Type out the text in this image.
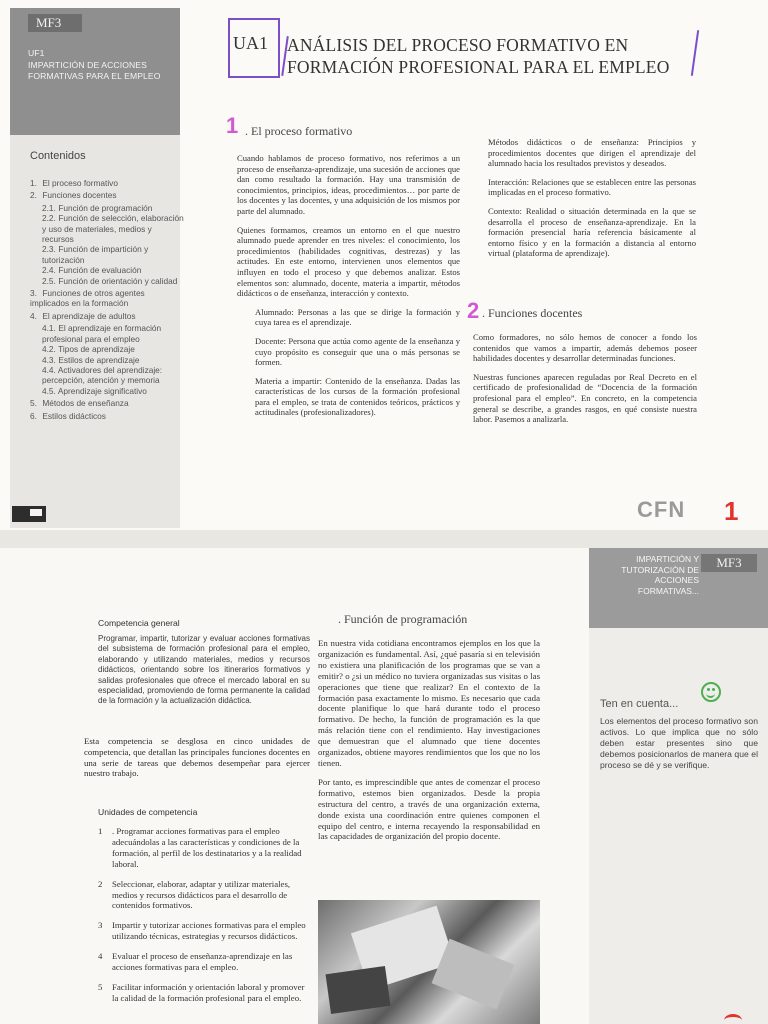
MF3
UF1
IMPARTICIÓN DE ACCIONES
FORMATIVAS PARA EL EMPLEO
Contenidos
1. El proceso formativo
2. Funciones docentes
2.1. Función de programación
2.2. Función de selección, elaboración y uso de materiales, medios y recursos
2.3. Función de impartición y tutorización
2.4. Función de evaluación
2.5. Función de orientación y calidad
3. Funciones de otros agentes implicados en la formación
4. El aprendizaje de adultos
4.1. El aprendizaje en formación profesional para el empleo
4.2. Tipos de aprendizaje
4.3. Estilos de aprendizaje
4.4. Activadores del aprendizaje: percepción, atención y memoria
4.5. Aprendizaje significativo
5. Métodos de enseñanza
6. Estilos didácticos
UA1 ANÁLISIS DEL PROCESO FORMATIVO EN
FORMACIÓN PROFESIONAL PARA EL EMPLEO
1 . El proceso formativo

Cuando hablamos de proceso formativo, nos referimos a un proceso de enseñanza-aprendizaje, una sucesión de acciones que dan como resultado la formación. Hay una transmisión de conocimientos, principios, ideas, procedimientos… por parte de los docentes y las docentes, y una adquisición de los mismos por parte del alumnado.

Quienes formamos, creamos un entorno en el que nuestro alumnado puede aprender en tres niveles: el conocimiento, los procedimientos (habilidades cognitivas, destrezas) y las actitudes. En este entorno, intervienen unos elementos que influyen en todo el proceso y que debemos analizar. Estos elementos son: alumnado, docente, materia a impartir, métodos didácticos o de enseñanza, interacción y contexto.

Alumnado: Personas a las que se dirige la formación y cuya tarea es el aprendizaje.

Docente: Persona que actúa como agente de la enseñanza y cuyo propósito es conseguir que una o más personas se formen.

Materia a impartir: Contenido de la enseñanza. Dadas las características de los cursos de la formación profesional para el empleo, se trata de contenidos teóricos, prácticos y actitudinales (profesionalizadores).

Métodos didácticos o de enseñanza: Principios y procedimientos docentes que dirigen el aprendizaje del alumnado hacia los resultados previstos y deseados.

Interacción: Relaciones que se establecen entre las personas implicadas en el proceso formativo.

Contexto: Realidad o situación determinada en la que se desarrolla el proceso de enseñanza-aprendizaje. En la formación presencial haría referencia básicamente al entorno físico y en la formación a distancia al entorno virtual (plataforma de aprendizaje).

2 . Funciones docentes

Como formadores, no sólo hemos de conocer a fondo los contenidos que vamos a impartir, además debemos poseer habilidades docentes y desarrollar determinadas funciones.

Nuestras funciones aparecen reguladas por Real Decreto en el certificado de profesionalidad de “Docencia de la formación profesional para el empleo”. En concreto, en la competencia general se describe, a grandes rasgos, en qué consiste nuestra labor. Pasemos a analizarla.

CFN 1
IMPARTICIÓN Y
TUTORIZACIÓN DE
ACCIONES
FORMATIVAS...
MF3
Ten en cuenta...
Los elementos del proceso formativo son activos. Lo que implica que no sólo deben estar presentes sino que debemos posicionarlos de manera que el proceso se dé y se verifique.
Competencia general
Programar, impartir, tutorizar y evaluar acciones formativas del subsistema de formación profesional para el empleo, elaborando y utilizando materiales, medios y recursos didácticos, orientando sobre los itinerarios formativos y salidas profesionales que ofrece el mercado laboral en su especialidad, promoviendo de forma permanente la calidad de la formación y la actualización didáctica.
Esta competencia se desglosa en cinco unidades de competencia, que detallan las principales funciones docentes en una serie de tareas que debemos desempeñar para ejercer nuestro trabajo.
Unidades de competencia
1	. Programar acciones formativas para el empleo adecuándolas a las características y condiciones de la formación, al perfil de los destinatarios y a la realidad laboral.
2	Seleccionar, elaborar, adaptar y utilizar materiales, medios y recursos didácticos para el desarrollo de contenidos formativos.
3	Impartir y tutorizar acciones formativas para el empleo utilizando técnicas, estrategias y recursos didácticos.
4	Evaluar el proceso de enseñanza-aprendizaje en las acciones formativas para el empleo.
5	Facilitar información y orientación laboral y promover la calidad de la formación profesional para el empleo.
. Función de programación

En nuestra vida cotidiana encontramos ejemplos en los que la organización es fundamental. Así, ¿qué pasaría si en televisión no existiera una planificación de los programas que se van a emitir? o ¿si un médico no tuviera organizadas sus visitas o las operaciones que tiene que realizar? En el contexto de la formación pasa exactamente lo mismo. Es necesario que cada docente planifique lo que hará durante todo el proceso formativo. De hecho, la función de programación es la que más relación tiene con el rendimiento. Hay investigaciones que demuestran que el alumnado que tiene docentes organizados, obtiene mayores rendimientos que los que no los tienen.

Por tanto, es imprescindible que antes de comenzar el proceso formativo, estemos bien organizados. Desde la propia estructura del centro, a través de una organización externa, donde exista una coordinación entre quienes componen el equipo del centro, e interna recayendo la responsabilidad en las capacidades de organización del propio docente.
